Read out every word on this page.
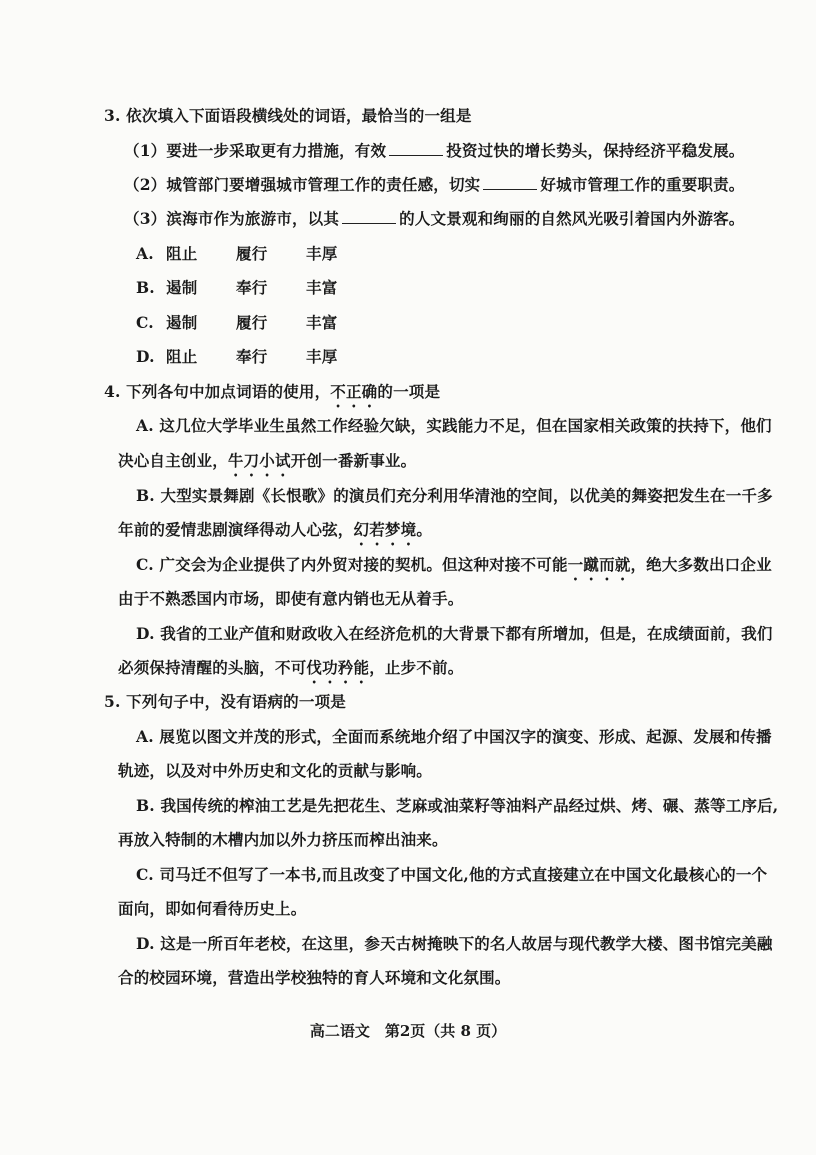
3. 依次填入下面语段横线处的词语，最恰当的一组是
（1）要进一步采取更有力措施，有效	投资过快的增长势头，保持经济平稳发展。
（2）城管部门要增强城市管理工作的责任感，切实	好城市管理工作的重要职责。
（3）滨海市作为旅游市，以其	的人文景观和绚丽的自然风光吸引着国内外游客。
A. 阻止 履行 丰厚
B. 遏制 奉行 丰富
C. 遏制 履行 丰富
D. 阻止 奉行 丰厚
4. 下列各句中加点词语的使用，不正确的一项是
A. 这几位大学毕业生虽然工作经验欠缺，实践能力不足，但在国家相关政策的扶持下，他们
决心自主创业，牛刀小试开创一番新事业。
B. 大型实景舞剧《长恨歌》的演员们充分利用华清池的空间，以优美的舞姿把发生在一千多
年前的爱情悲剧演绎得动人心弦，幻若梦境。
C. 广交会为企业提供了内外贸对接的契机。但这种对接不可能一蹴而就，绝大多数出口企业
由于不熟悉国内市场，即使有意内销也无从着手。
D. 我省的工业产值和财政收入在经济危机的大背景下都有所增加，但是，在成绩面前，我们
必须保持清醒的头脑，不可伐功矜能，止步不前。
5. 下列句子中，没有语病的一项是
A. 展览以图文并茂的形式，全面而系统地介绍了中国汉字的演变、形成、起源、发展和传播
轨迹，以及对中外历史和文化的贡献与影响。
B. 我国传统的榨油工艺是先把花生、芝麻或油菜籽等油料产品经过烘、烤、碾、蒸等工序后,
再放入特制的木槽内加以外力挤压而榨出油来。
C. 司马迁不但写了一本书,而且改变了中国文化,他的方式直接建立在中国文化最核心的一个
面向，即如何看待历史上。
D. 这是一所百年老校，在这里，参天古树掩映下的名人故居与现代教学大楼、图书馆完美融
合的校园环境，营造出学校独特的育人环境和文化氛围。
高二语文　第2页（共 8 页）
